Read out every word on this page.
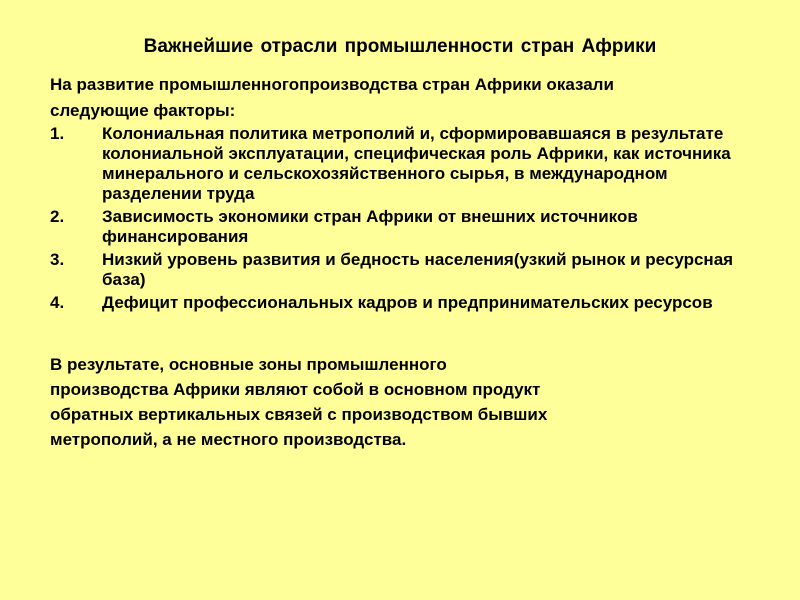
Важнейшие отрасли промышленности стран Африки
На развитие промышленногопроизводства стран Африки оказали
следующие факторы:
1. Колониальная политика метрополий и, сформировавшаяся в результате колониальной эксплуатации, специфическая роль Африки, как источника минерального и сельскохозяйственного сырья, в международном разделении труда
2. Зависимость экономики стран Африки от внешних источников финансирования
3. Низкий уровень развития и бедность населения(узкий рынок и ресурсная база)
4. Дефицит профессиональных кадров и предпринимательских ресурсов
В результате, основные зоны промышленного
производства Африки являют собой в основном продукт
обратных вертикальных связей с производством бывших
метрополий, а не местного производства.
